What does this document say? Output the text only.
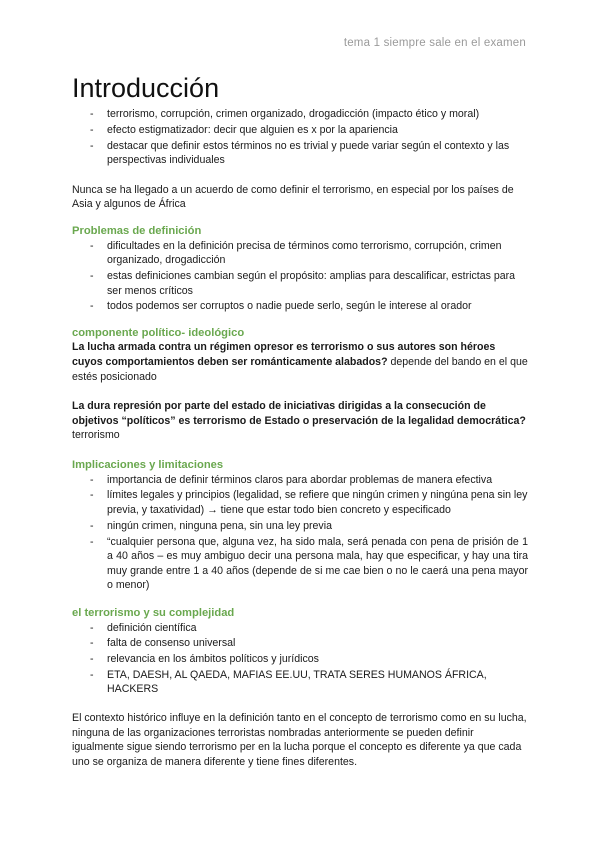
tema 1 siempre sale en el examen
Introducción
- terrorismo, corrupción, crimen organizado, drogadicción (impacto ético y moral)
- efecto estigmatizador: decir que alguien es x por la apariencia
- destacar que definir estos términos no es trivial y puede variar según el contexto y las perspectivas individuales

Nunca se ha llegado a un acuerdo de como definir el terrorismo, en especial por los países de Asia y algunos de África

Problemas de definición
- dificultades en la definición precisa de términos como terrorismo, corrupción, crimen organizado, drogadicción
- estas definiciones cambian según el propósito: amplias para descalificar, estrictas para ser menos críticos
- todos podemos ser corruptos o nadie puede serlo, según le interese al orador
componente político- ideológico

La lucha armada contra un régimen opresor es terrorismo o sus autores son héroes cuyos comportamientos deben ser románticamente alabados? depende del bando en el que estés posicionado

La dura represión por parte del estado de iniciativas dirigidas a la consecución de objetivos “políticos” es terrorismo de Estado o preservación de la legalidad democrática? terrorismo

Implicaciones y limitaciones
- importancia de definir términos claros para abordar problemas de manera efectiva
- límites legales y principios (legalidad, se refiere que ningún crimen y ningúna pena sin ley previa, y taxatividad) → tiene que estar todo bien concreto y especificado
- ningún crimen, ninguna pena, sin una ley previa
- “cualquier persona que, alguna vez, ha sido mala, será penada con pena de prisión de 1 a 40 años – es muy ambiguo decir una persona mala, hay que especificar, y hay una tira muy grande entre 1 a 40 años (depende de si me cae bien o no le caerá una pena mayor o menor)
el terrorismo y su complejidad
- definición científica
- falta de consenso universal
- relevancia en los ámbitos políticos y jurídicos
- ETA, DAESH, AL QAEDA, MAFIAS EE.UU, TRATA SERES HUMANOS ÁFRICA, HACKERS

El contexto histórico influye en la definición tanto en el concepto de terrorismo como en su lucha, ninguna de las organizaciones terroristas nombradas anteriormente se pueden definir igualmente sigue siendo terrorismo per en la lucha porque el concepto es diferente ya que cada uno se organiza de manera diferente y tiene fines diferentes.
